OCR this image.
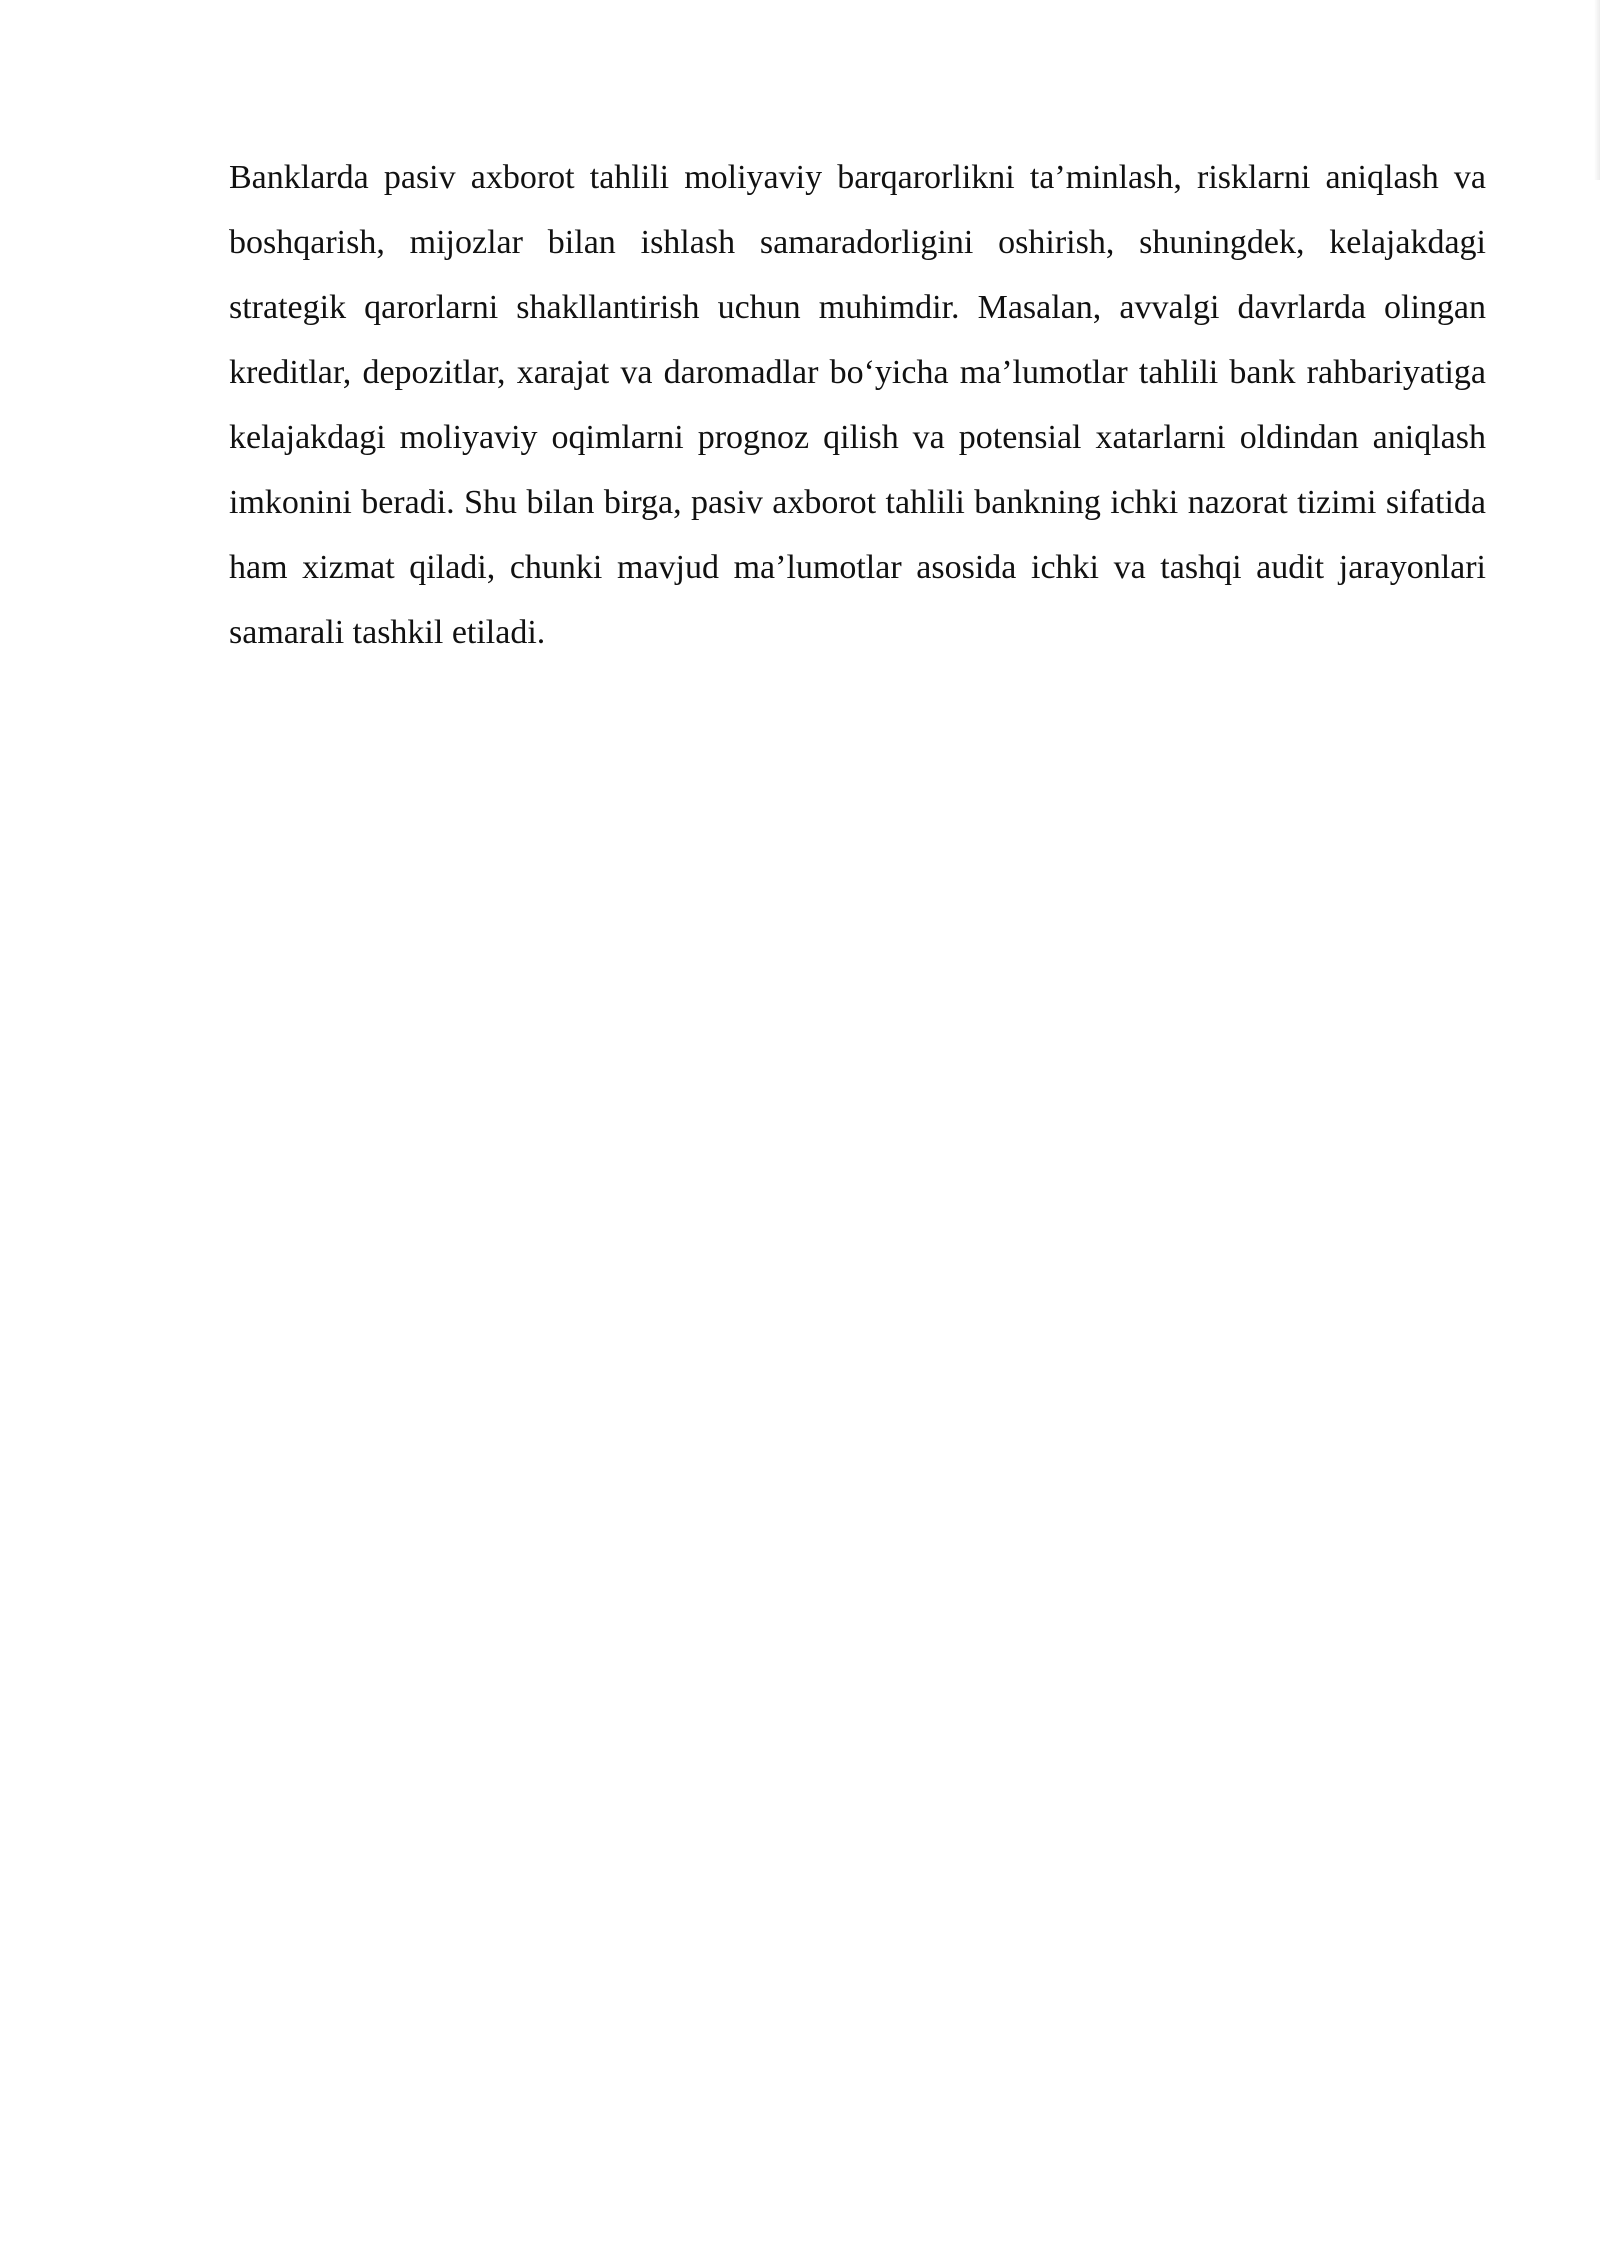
Banklarda pasiv axborot tahlili moliyaviy barqarorlikni ta’minlash, risklarni aniqlash va boshqarish, mijozlar bilan ishlash samaradorligini oshirish, shuningdek, kelajakdagi strategik qarorlarni shakllantirish uchun muhimdir. Masalan, avvalgi davrlarda olingan kreditlar, depozitlar, xarajat va daromadlar bo‘yicha ma’lumotlar tahlili bank rahbariyatiga kelajakdagi moliyaviy oqimlarni prognoz qilish va potensial xatarlarni oldindan aniqlash imkonini beradi. Shu bilan birga, pasiv axborot tahlili bankning ichki nazorat tizimi sifatida ham xizmat qiladi, chunki mavjud ma’lumotlar asosida ichki va tashqi audit jarayonlari samarali tashkil etiladi.
